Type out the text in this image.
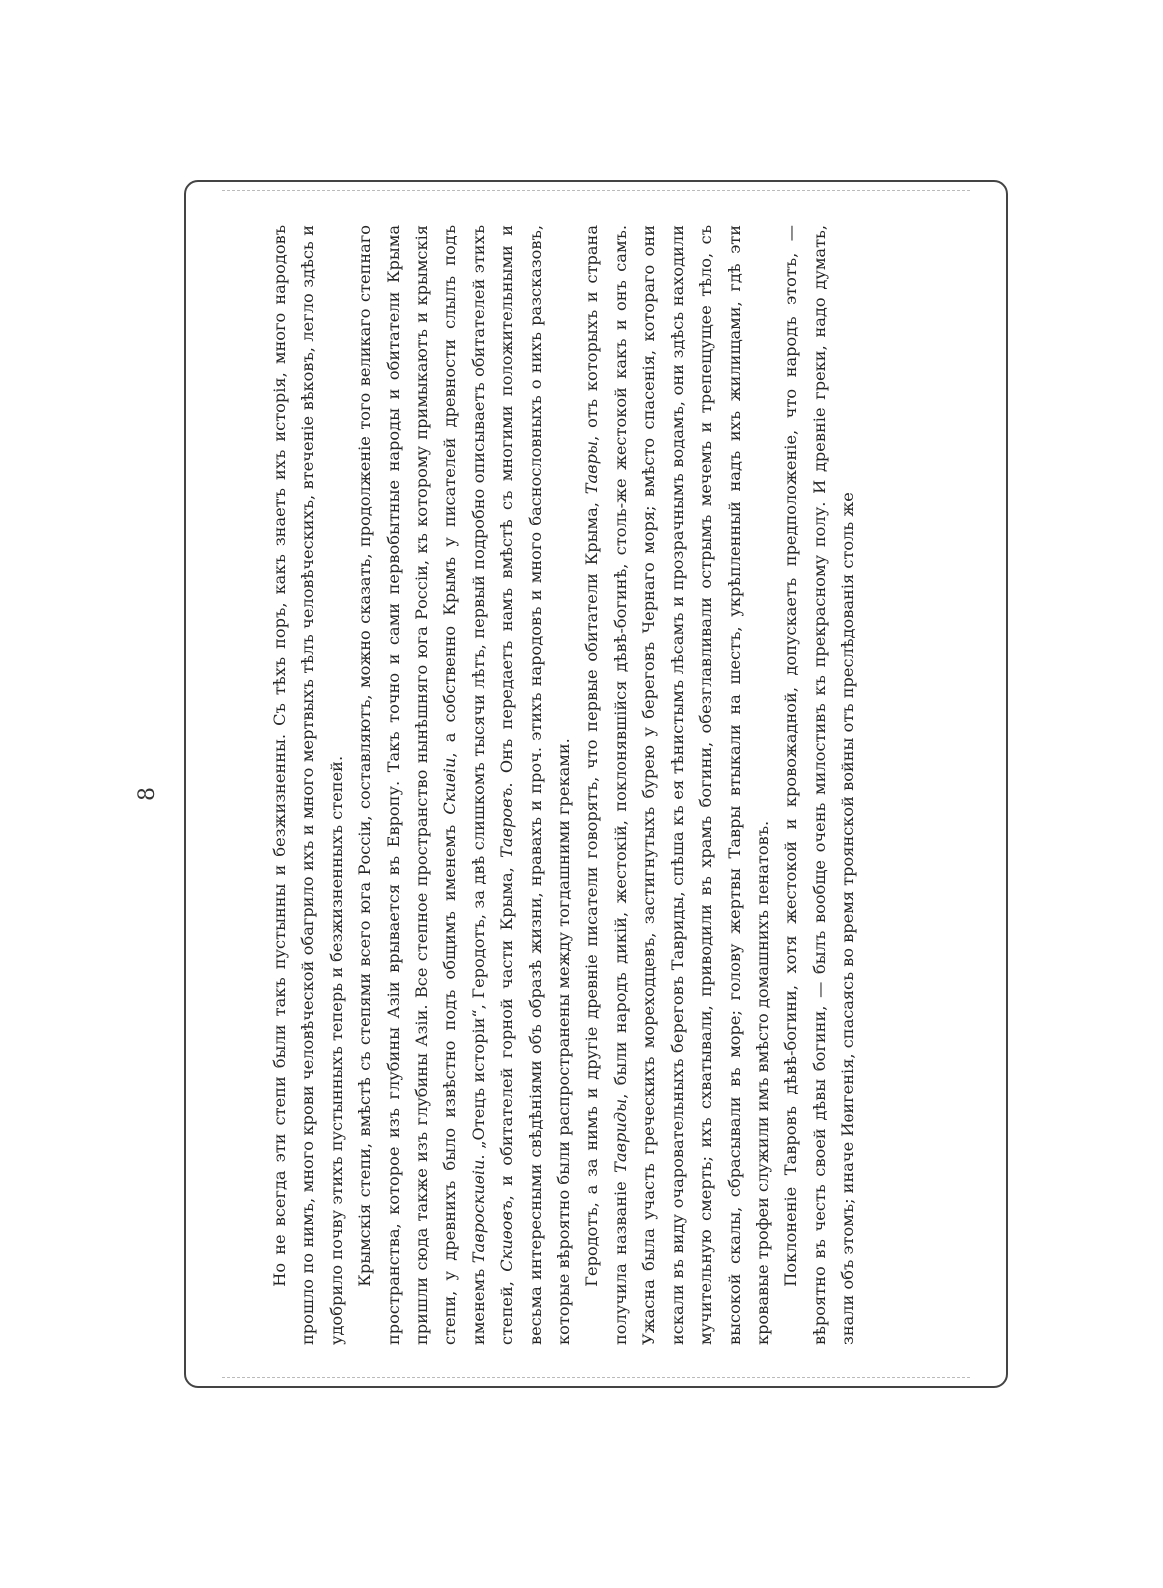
8	Но не всегда эти степи были такъ пустынны и безжизненны. Съ тѣхъ поръ, какъ знаетъ ихъ исторія, много народовъ прошло по нимъ, много крови человѣческой обагрило ихъ и много мертвыхъ тѣлъ человѣческихъ, втеченіе вѣковъ, легло здѣсь и удобрило почву этихъ пустынныхъ теперь и безжизненныхъ степей. Крымскія степи, вмѣстѣ съ степями всего юга Россіи, составляютъ, можно сказать, продолженіе того великаго степнаго пространства, которое изъ глубины Азіи врывается въ Европу. Такъ точно и сами первобытные народы и обитатели Крыма пришли сюда также изъ глубины Азіи. Все степное пространство нынѣшняго юга Россіи, къ которому примыкаютъ и крымскія степи, у древнихъ было извѣстно подъ общимъ именемъ Скиѳіи, а собственно Крымъ у писателей древности слылъ подъ именемъ Тавроскиѳіи. „Отецъ исторіи“, Геродотъ, за двѣ слишкомъ тысячи лѣтъ, первый подробно описываетъ обитателей этихъ степей, Скиѳовъ, и обитателей горной части Крыма, Тавровъ. Онъ передаетъ намъ вмѣстѣ съ многими положительными и весьма интересными свѣдѣніями объ образѣ жизни, нравахъ и проч. этихъ народовъ и много баснословныхъ о нихъ разсказовъ, которые вѣроятно были распространены между тогдашними греками. Геродотъ, а за нимъ и другіе древніе писатели говорятъ, что первые обитатели Крыма, Тавры, отъ которыхъ и страна получила названіе Тавриды, были народъ дикій, жестокій, поклонявшійся дѣвѣ-богинѣ, столь-же жестокой какъ и онъ самъ. Ужасна была участь греческихъ мореходцевъ, застигнутыхъ бурею у береговъ Чернаго моря; вмѣсто спасенія, котораго они искали въ виду очаровательныхъ береговъ Тавриды, спѣша къ ея тѣнистымъ лѣсамъ и прозрачнымъ водамъ, они здѣсь находили мучительную смерть; ихъ схватывали, приводили въ храмъ богини, обезглавливали острымъ мечемъ и трепещущее тѣло, съ высокой скалы, сбрасывали въ море; голову жертвы Тавры втыкали на шестъ, укрѣпленный надъ ихъ жилищами, гдѣ эти кровавые трофеи служили имъ вмѣсто домашнихъ пенатовъ. Поклоненіе Тавровъ дѣвѣ-богини, хотя жестокой и кровожадной, допускаетъ предположеніе, что народъ этотъ, — вѣроятно въ честь своей дѣвы богини, — былъ вообще очень милостивъ къ прекрасному полу. И древніе греки, надо думать, знали объ этомъ; иначе Иѳигенія, спасаясь во время троянской войны отъ преслѣдованія столь же
